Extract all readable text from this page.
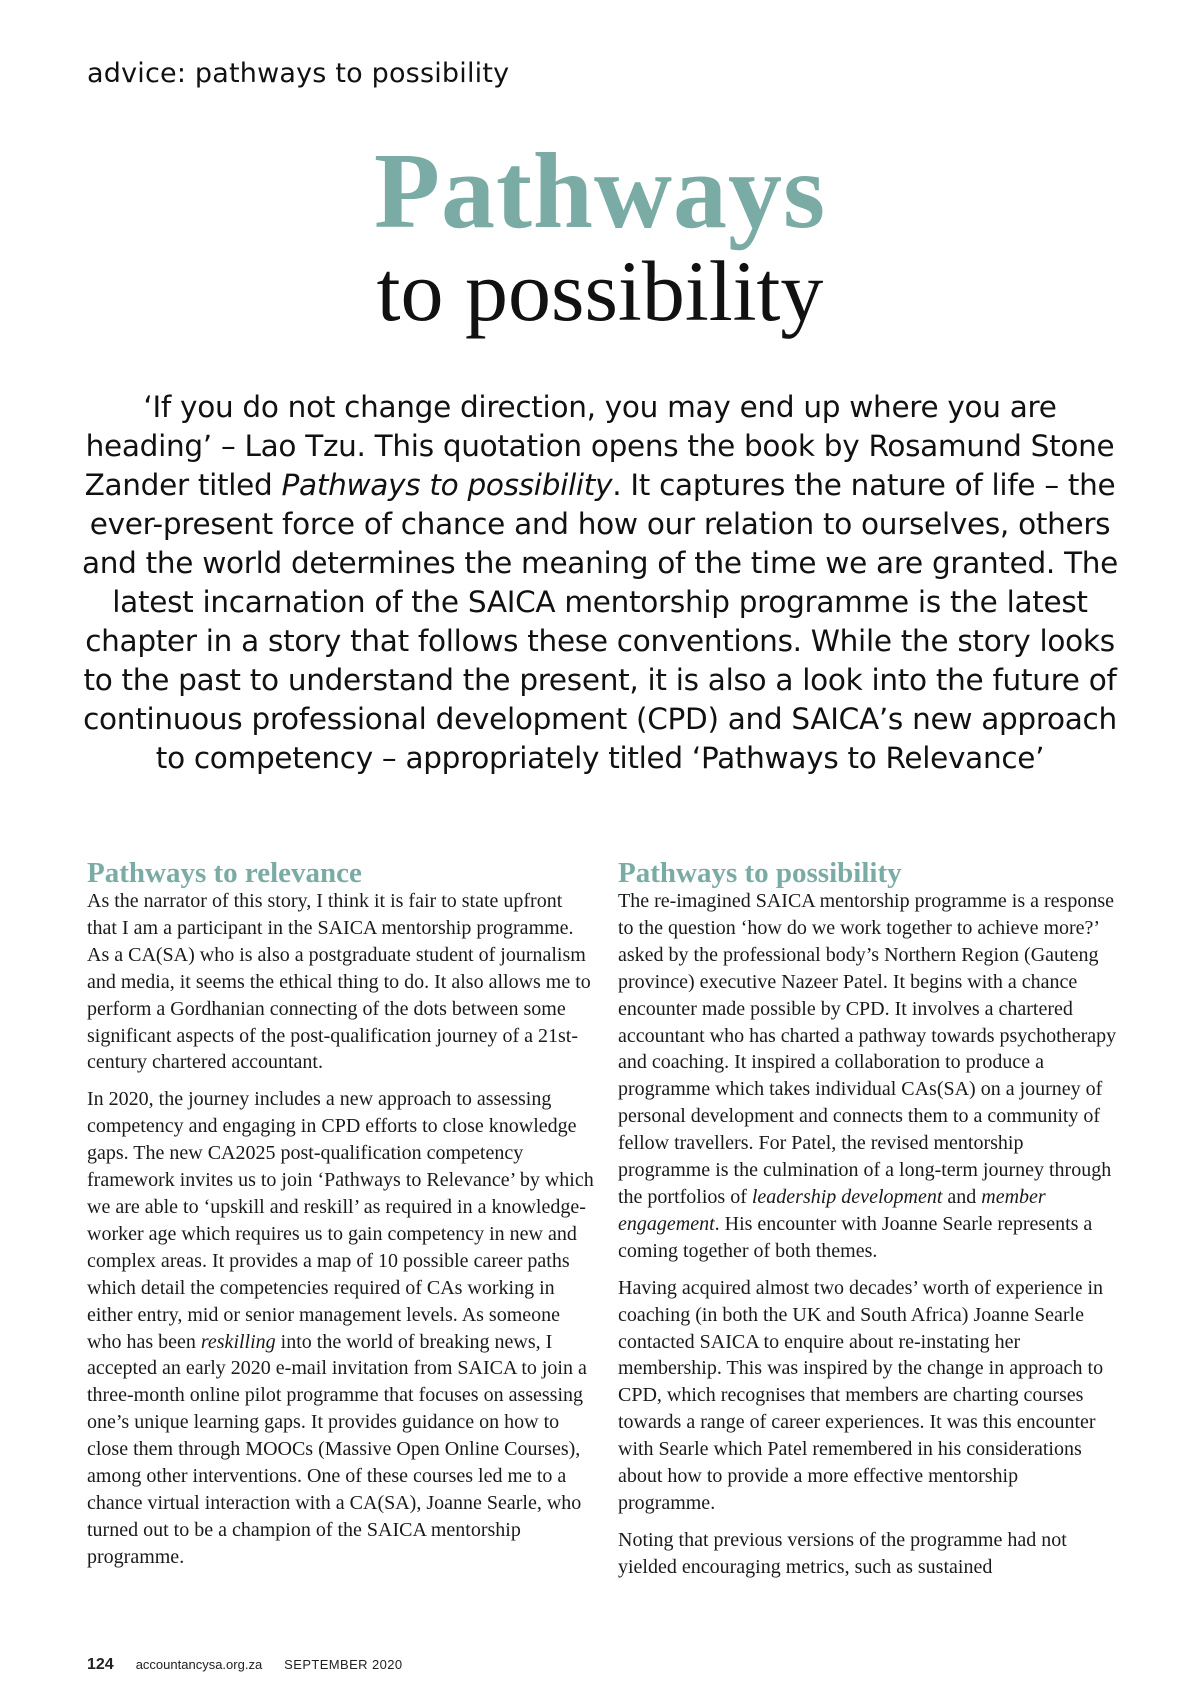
advice: pathways to possibility
Pathways
to possibility

‘If you do not change direction, you may end up where you are heading’ – Lao Tzu. This quotation opens the book by Rosamund Stone Zander titled Pathways to possibility. It captures the nature of life – the ever-present force of chance and how our relation to ourselves, others and the world determines the meaning of the time we are granted. The latest incarnation of the SAICA mentorship programme is the latest chapter in a story that follows these conventions. While the story looks to the past to understand the present, it is also a look into the future of continuous professional development (CPD) and SAICA’s new approach to competency – appropriately titled ‘Pathways to Relevance’

Pathways to relevance

As the narrator of this story, I think it is fair to state upfront that I am a participant in the SAICA mentorship programme. As a CA(SA) who is also a postgraduate student of journalism and media, it seems the ethical thing to do. It also allows me to perform a Gordhanian connecting of the dots between some significant aspects of the post-qualification journey of a 21st-century chartered accountant.

In 2020, the journey includes a new approach to assessing competency and engaging in CPD efforts to close knowledge gaps. The new CA2025 post-qualification competency framework invites us to join ‘Pathways to Relevance’ by which we are able to ‘upskill and reskill’ as required in a knowledge-worker age which requires us to gain competency in new and complex areas. It provides a map of 10 possible career paths which detail the competencies required of CAs working in either entry, mid or senior management levels. As someone who has been reskilling into the world of breaking news, I accepted an early 2020 e-mail invitation from SAICA to join a three-month online pilot programme that focuses on assessing one’s unique learning gaps. It provides guidance on how to close them through MOOCs (Massive Open Online Courses), among other interventions. One of these courses led me to a chance virtual interaction with a CA(SA), Joanne Searle, who turned out to be a champion of the SAICA mentorship programme.

Pathways to possibility

The re-imagined SAICA mentorship programme is a response to the question ‘how do we work together to achieve more?’ asked by the professional body’s Northern Region (Gauteng province) executive Nazeer Patel. It begins with a chance encounter made possible by CPD. It involves a chartered accountant who has charted a pathway towards psychotherapy and coaching. It inspired a collaboration to produce a programme which takes individual CAs(SA) on a journey of personal development and connects them to a community of fellow travellers. For Patel, the revised mentorship programme is the culmination of a long-term journey through the portfolios of leadership development and member engagement. His encounter with Joanne Searle represents a coming together of both themes.

Having acquired almost two decades’ worth of experience in coaching (in both the UK and South Africa) Joanne Searle contacted SAICA to enquire about re-instating her membership. This was inspired by the change in approach to CPD, which recognises that members are charting courses towards a range of career experiences. It was this encounter with Searle which Patel remembered in his considerations about how to provide a more effective mentorship programme.

Noting that previous versions of the programme had not yielded encouraging metrics, such as sustained

124 accountancysa.org.za SEPTEMBER 2020
